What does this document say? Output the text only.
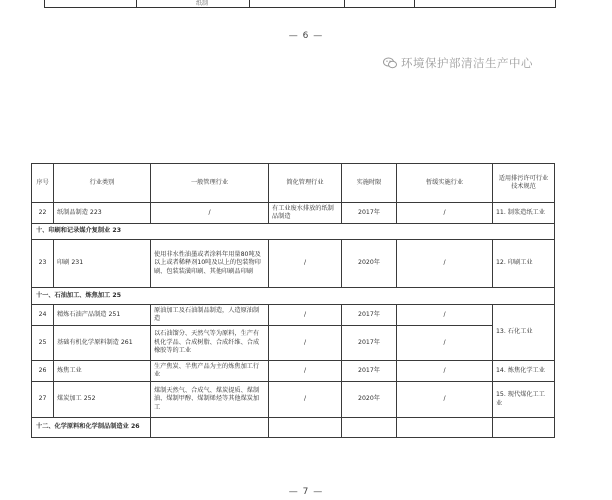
纸制
— 6 —
环境保护部清洁生产中心
序号	行业类别	一般管理行业	简化管理行业	实施时限	暂缓实施行业	适用排污许可行业技术规范
22	纸制品制造 223	/	有工业废水排放的纸制品制造	2017年	/	11. 制浆造纸工业
十、印刷和记录媒介复制业 23						
23	印刷 231	使用非水性油墨或者涂料年用量80吨及以上或者稀释剂10吨及以上的包装物印刷、包装装潢印刷、其他印刷品印刷	/	2020年	/	12. 印刷工业
十一、石油加工、炼焦加工 25						
24	精炼石油产品制造 251	原油加工及石油制品制造，人造原油制造	/	2017年	/	13. 石化工业
25	基础有机化学原料制造 261	以石油馏分、天然气等为原料，生产有机化学品、合成树脂、合成纤维、合成橡胶等的工业	/	2017年	/	
26	炼焦工业	生产焦炭、半焦产品为主的炼焦加工行业	/	2017年	/	14. 炼焦化学工业
27	煤炭加工 252	煤制天然气、合成气、煤炭提质、煤制油、煤制甲醇、煤制烯烃等其他煤炭加工	/	2020年	/	15. 现代煤化工工业
十二、化学原料和化学制品制造业 26						
— 7 —
